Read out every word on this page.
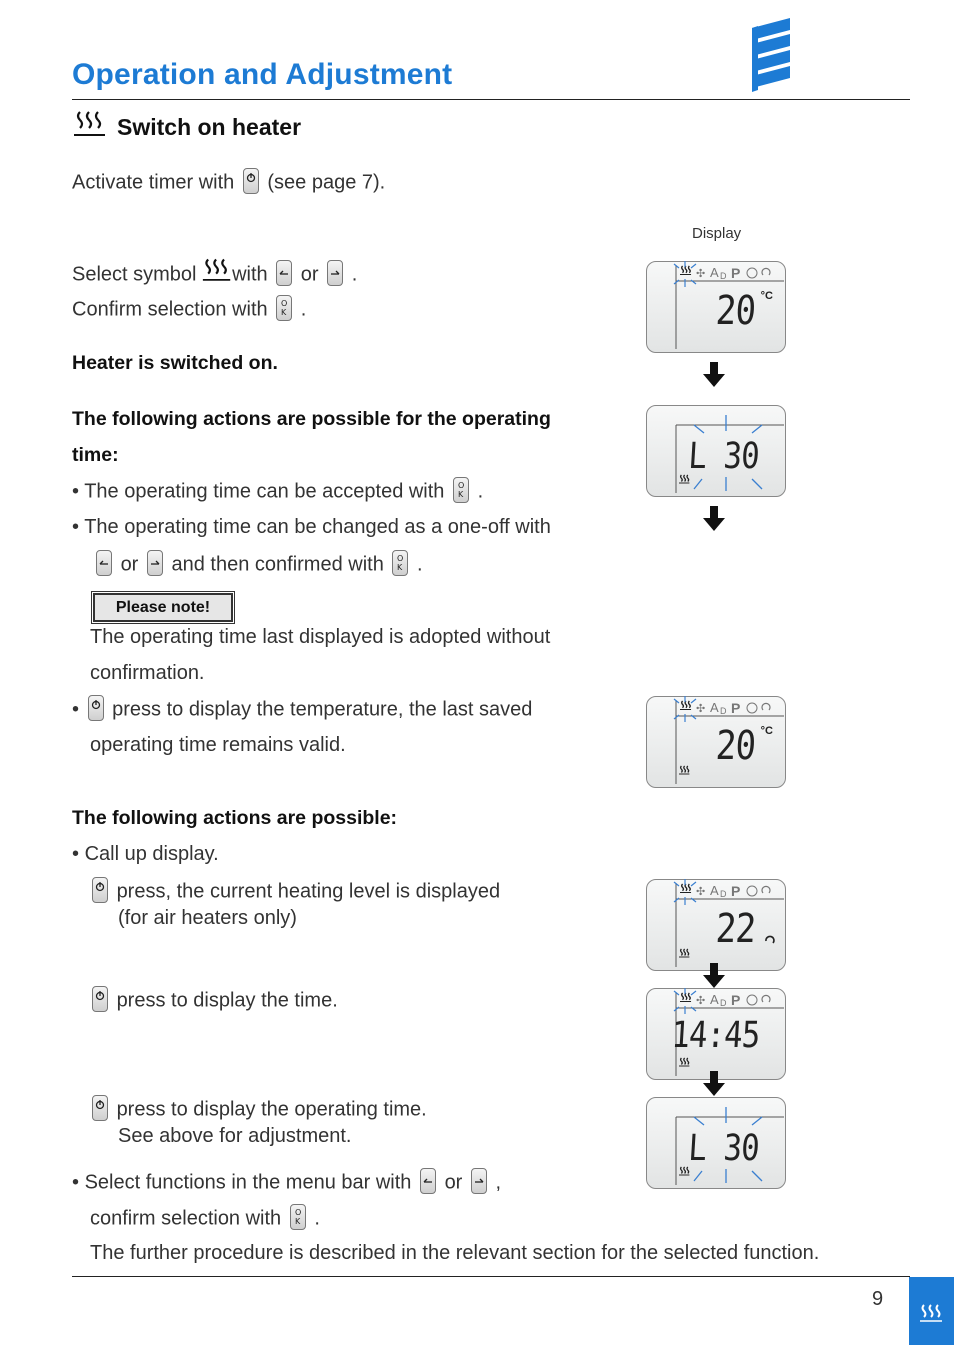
Operation and Adjustment
Switch on heater
Activate timer with (see page 7).
Display
Select symbol with or .
Confirm selection with O
K .
Heater is switched on.
The following actions are possible for the operating
time:
• The operating time can be accepted with O
K .
• The operating time can be changed as a one-off with
or and then confirmed with O
K .
Please note!
The operating time last displayed is adopted without
confirmation.
• press to display the temperature, the last saved
operating time remains valid.
The following actions are possible:
• Call up display.
press, the current heating level is displayed
(for air heaters only)
press to display the time.
press to display the operating time.
See above for adjustment.
• Select functions in the menu bar with or ,
confirm selection with O
K .
The further procedure is described in the relevant section for the selected function.
✣ A D P
20 °C
L 30
✣ A D P
20 °C
✣ A D P
22
✣ A D P
14:45
L 30
9
